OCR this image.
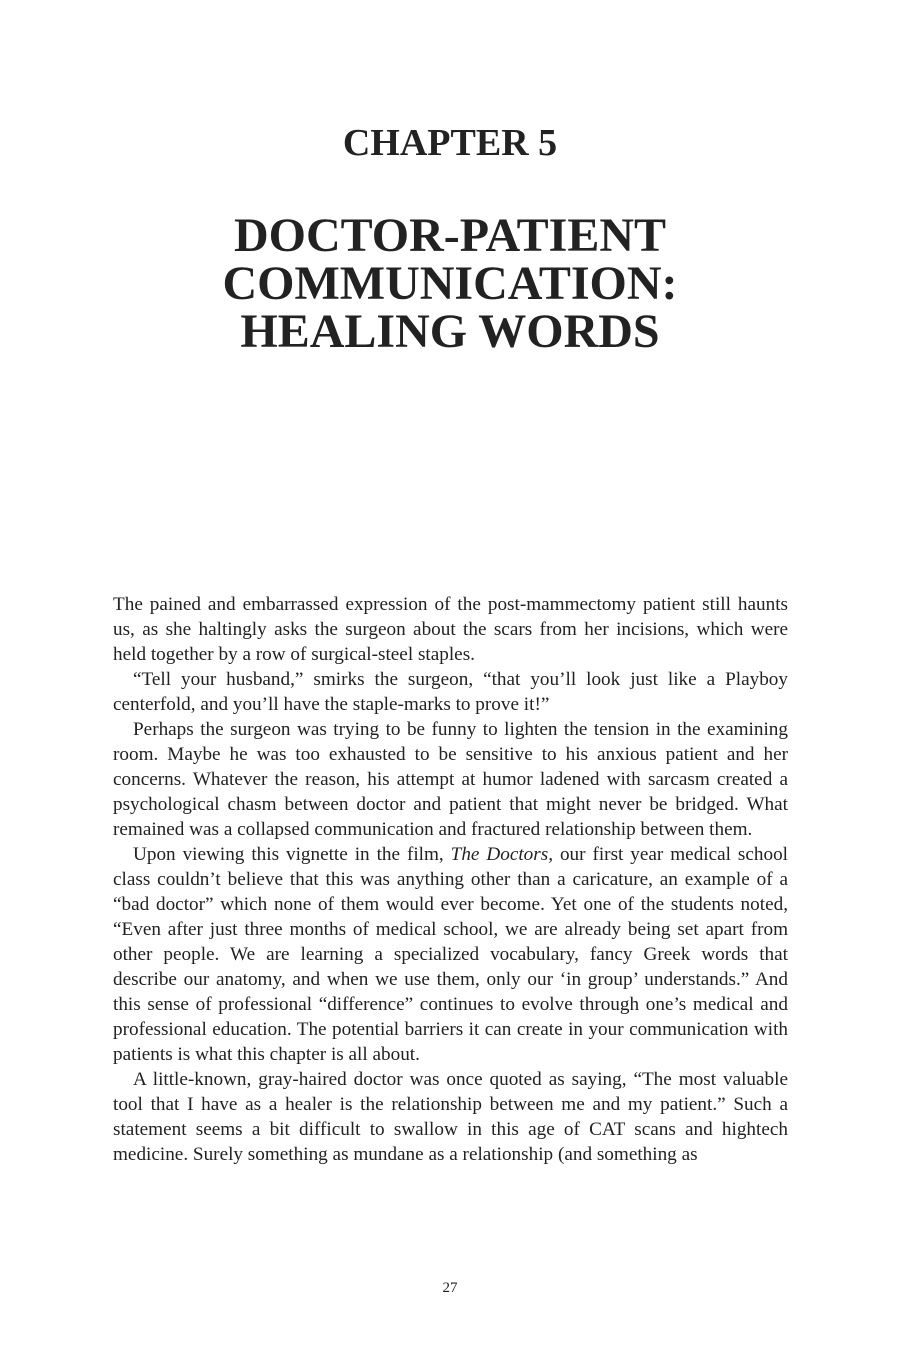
CHAPTER 5
DOCTOR-PATIENT
COMMUNICATION:
HEALING WORDS

The pained and embarrassed expression of the post-mammectomy patient still haunts us, as she haltingly asks the surgeon about the scars from her incisions, which were held together by a row of surgical-steel staples.

“Tell your husband,” smirks the surgeon, “that you’ll look just like a Playboy centerfold, and you’ll have the staple-marks to prove it!”

Perhaps the surgeon was trying to be funny to lighten the tension in the examining room. Maybe he was too exhausted to be sensitive to his anxious patient and her concerns. Whatever the reason, his attempt at humor ladened with sarcasm created a psychological chasm between doctor and patient that might never be bridged. What remained was a collapsed communication and fractured relationship between them.

Upon viewing this vignette in the film, The Doctors, our first year medical school class couldn’t believe that this was anything other than a caricature, an example of a “bad doctor” which none of them would ever become. Yet one of the students noted, “Even after just three months of medical school, we are already being set apart from other people. We are learning a specialized vocabulary, fancy Greek words that describe our anatomy, and when we use them, only our ‘in group’ understands.” And this sense of professional “difference” continues to evolve through one’s medical and professional education. The potential barriers it can create in your communication with patients is what this chapter is all about.

A little-known, gray-haired doctor was once quoted as saying, “The most valuable tool that I have as a healer is the relationship between me and my patient.” Such a statement seems a bit difficult to swallow in this age of CAT scans and hightech medicine. Surely something as mundane as a relationship (and something as

27
